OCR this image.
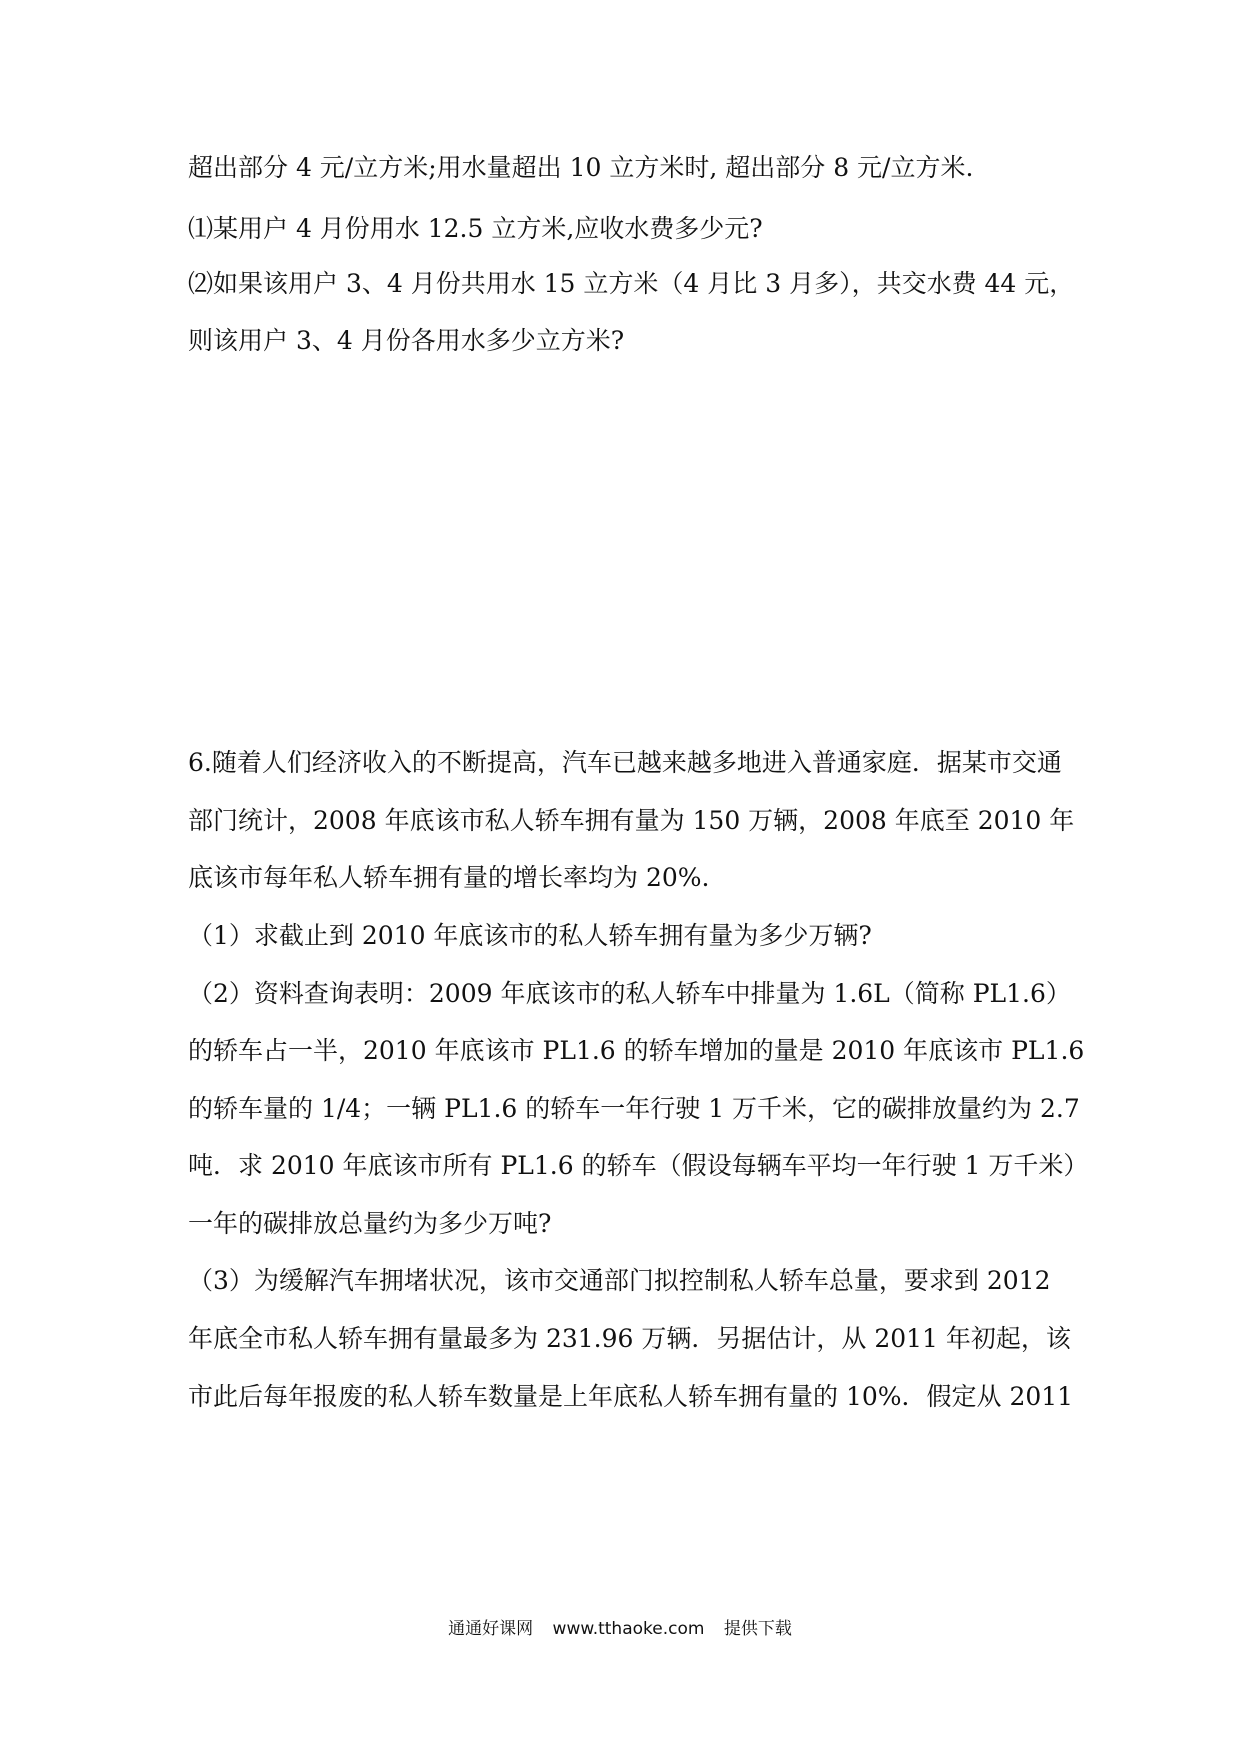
超出部分 4 元/立方米;用水量超出 10 立方米时, 超出部分 8 元/立方米.
⑴某用户 4 月份用水 12.5 立方米,应收水费多少元?
⑵如果该用户 3、4 月份共用水 15 立方米（4 月比 3 月多），共交水费 44 元，
则该用户 3、4 月份各用水多少立方米?
6.随着人们经济收入的不断提高，汽车已越来越多地进入普通家庭．据某市交通
部门统计，2008 年底该市私人轿车拥有量为 150 万辆，2008 年底至 2010 年
底该市每年私人轿车拥有量的增长率均为 20%.
（1）求截止到 2010 年底该市的私人轿车拥有量为多少万辆?
（2）资料查询表明：2009 年底该市的私人轿车中排量为 1.6L（简称 PL1.6）
的轿车占一半，2010 年底该市 PL1.6 的轿车增加的量是 2010 年底该市 PL1.6
的轿车量的 1/4；一辆 PL1.6 的轿车一年行驶 1 万千米，它的碳排放量约为 2.7
吨．求 2010 年底该市所有 PL1.6 的轿车（假设每辆车平均一年行驶 1 万千米）
一年的碳排放总量约为多少万吨?
（3）为缓解汽车拥堵状况，该市交通部门拟控制私人轿车总量，要求到 2012
年底全市私人轿车拥有量最多为 231.96 万辆．另据估计，从 2011 年初起，该
市此后每年报废的私人轿车数量是上年底私人轿车拥有量的 10%．假定从 2011
通通好课网 www.tthaoke.com 提供下载
